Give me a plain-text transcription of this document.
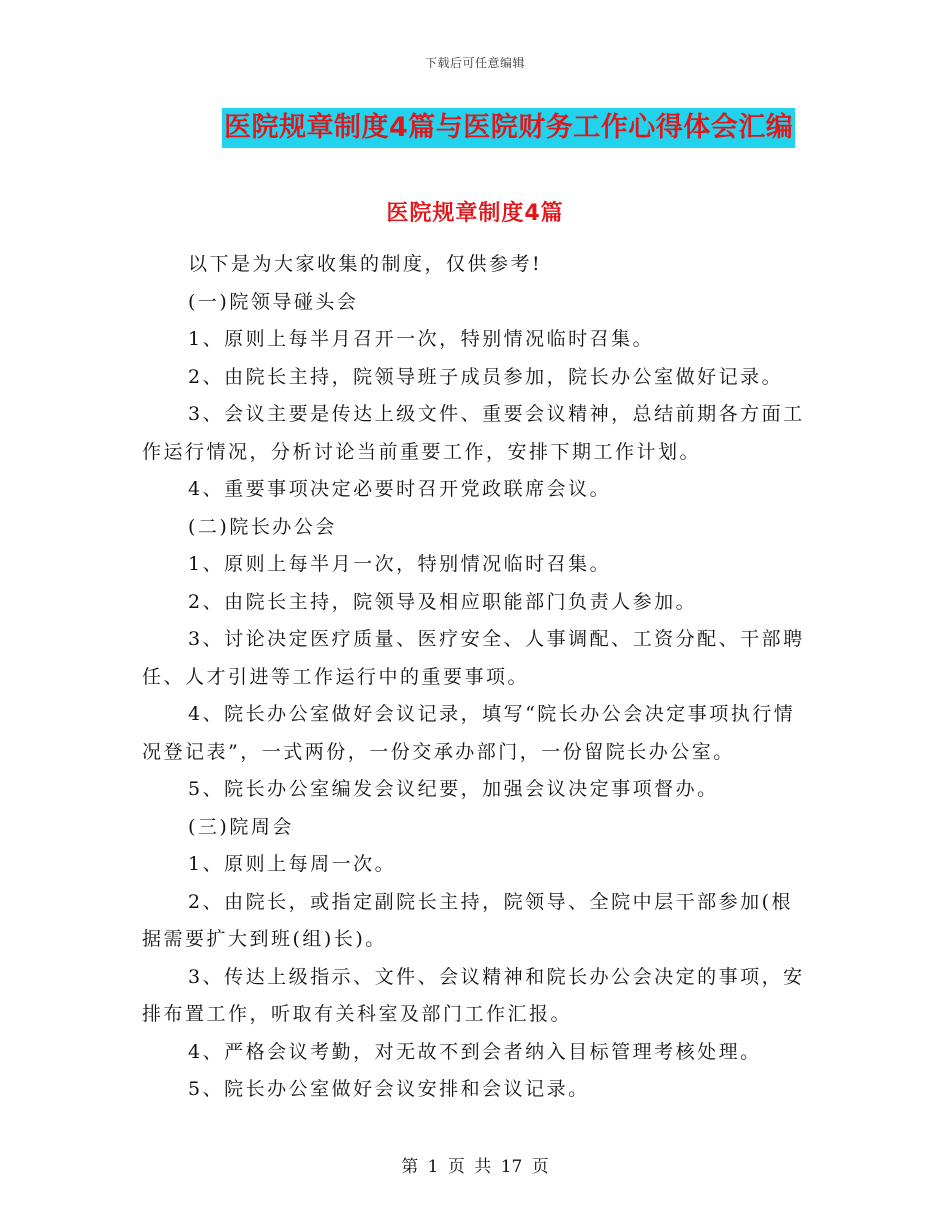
下载后可任意编辑
医院规章制度4篇与医院财务工作心得体会汇编
医院规章制度4篇

以下是为大家收集的制度，仅供参考!

(一)院领导碰头会

1、原则上每半月召开一次，特别情况临时召集。

2、由院长主持，院领导班子成员参加，院长办公室做好记录。

3、会议主要是传达上级文件、重要会议精神，总结前期各方面工作运行情况，分析讨论当前重要工作，安排下期工作计划。

4、重要事项决定必要时召开党政联席会议。

(二)院长办公会

1、原则上每半月一次，特别情况临时召集。

2、由院长主持，院领导及相应职能部门负责人参加。

3、讨论决定医疗质量、医疗安全、人事调配、工资分配、干部聘任、人才引进等工作运行中的重要事项。

4、院长办公室做好会议记录，填写“院长办公会决定事项执行情况登记表”，一式两份，一份交承办部门，一份留院长办公室。

5、院长办公室编发会议纪要，加强会议决定事项督办。

(三)院周会

1、原则上每周一次。

2、由院长，或指定副院长主持，院领导、全院中层干部参加(根据需要扩大到班(组)长)。

3、传达上级指示、文件、会议精神和院长办公会决定的事项，安排布置工作，听取有关科室及部门工作汇报。

4、严格会议考勤，对无故不到会者纳入目标管理考核处理。

5、院长办公室做好会议安排和会议记录。

第 1 页 共 17 页
